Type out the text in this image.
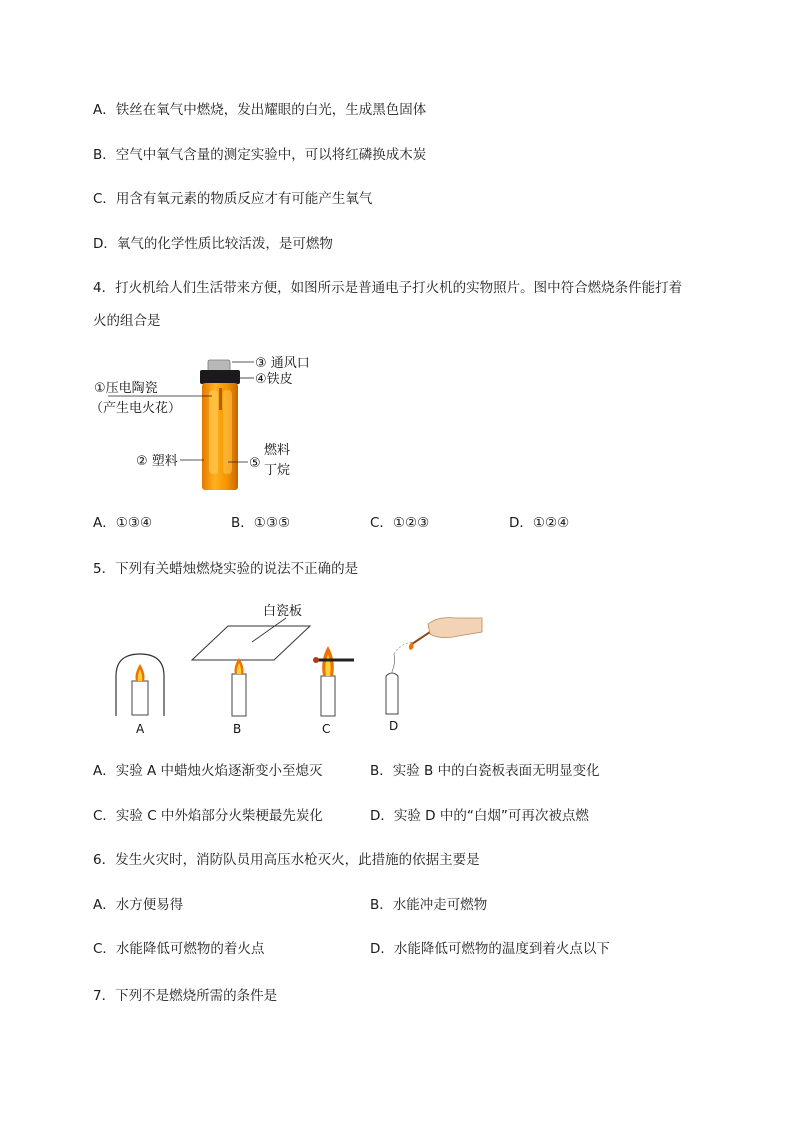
A．铁丝在氧气中燃烧，发出耀眼的白光，生成黑色固体
B．空气中氧气含量的测定实验中，可以将红磷换成木炭
C．用含有氧元素的物质反应才有可能产生氧气
D．氧气的化学性质比较活泼，是可燃物
4．打火机给人们生活带来方便，如图所示是普通电子打火机的实物照片。图中符合燃烧条件能打着
火的组合是
③ 通风口
④铁皮
①压电陶瓷
（产生电火花）
② 塑料	⑤
燃料
丁烷
A．①③④	B．①③⑤	C．①②③	D．①②④
5．下列有关蜡烛燃烧实验的说法不正确的是
白瓷板
A	B	C	D
A．实验 A 中蜡烛火焰逐渐变小至熄灭	B．实验 B 中的白瓷板表面无明显变化
C．实验 C 中外焰部分火柴梗最先炭化	D．实验 D 中的“白烟”可再次被点燃
6．发生火灾时，消防队员用高压水枪灭火，此措施的依据主要是
A．水方便易得	B．水能冲走可燃物
C．水能降低可燃物的着火点	D．水能降低可燃物的温度到着火点以下
7．下列不是燃烧所需的条件是
